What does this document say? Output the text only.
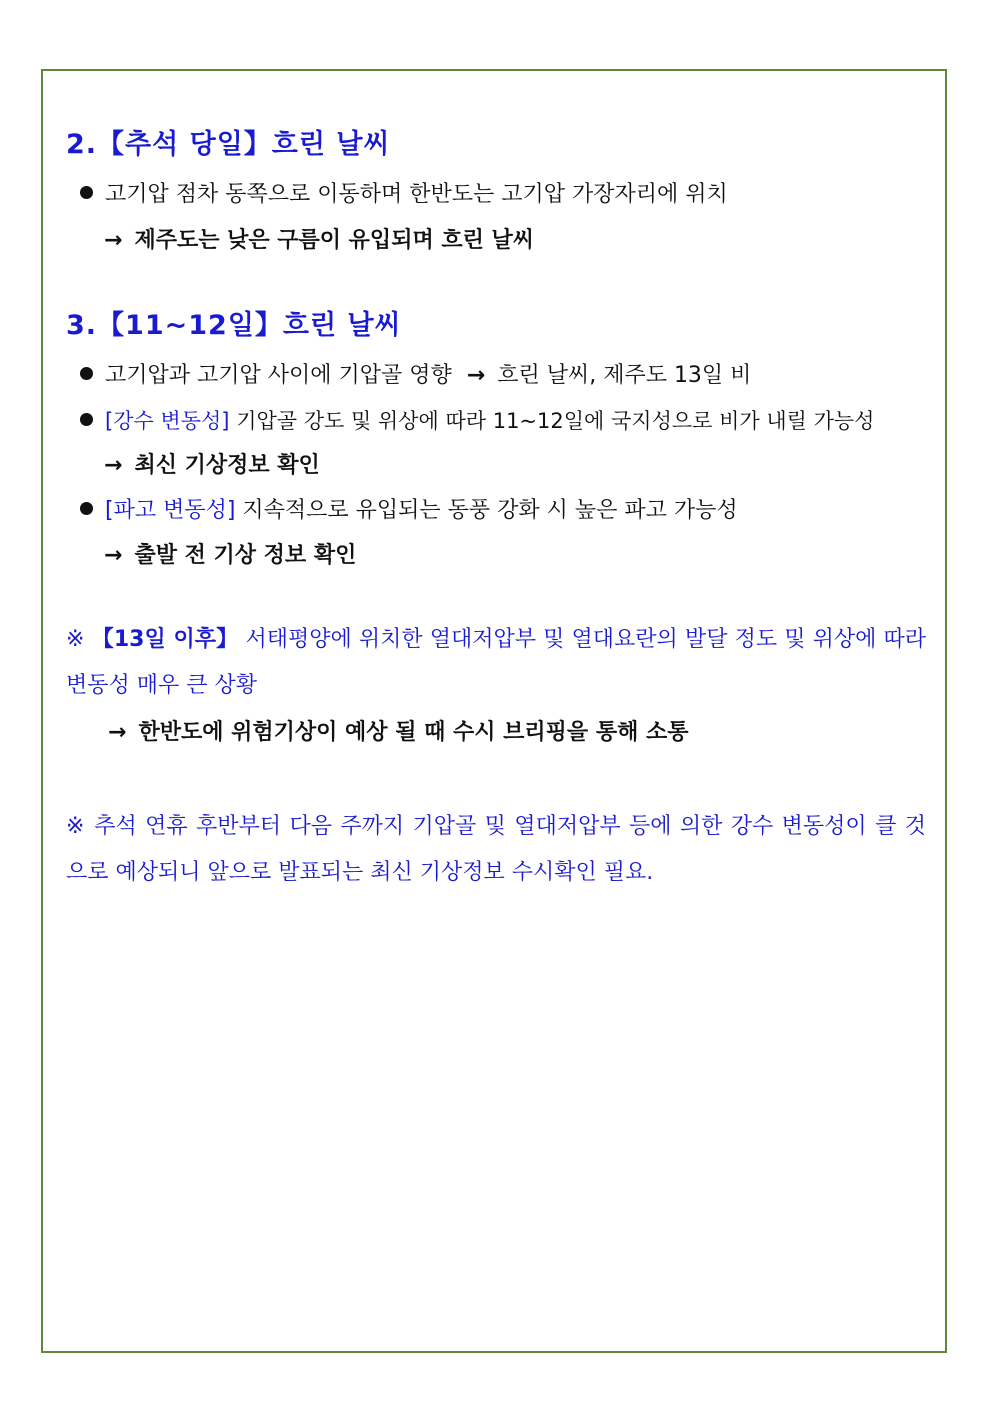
2.【추석 당일】흐린 날씨
고기압 점차 동쪽으로 이동하며 한반도는 고기압 가장자리에 위치
→ 제주도는 낮은 구름이 유입되며 흐린 날씨
3.【11~12일】흐린 날씨
고기압과 고기압 사이에 기압골 영향 → 흐린 날씨, 제주도 13일 비
[강수 변동성] 기압골 강도 및 위상에 따라 11~12일에 국지성으로 비가 내릴 가능성
→ 최신 기상정보 확인
[파고 변동성] 지속적으로 유입되는 동풍 강화 시 높은 파고 가능성
→ 출발 전 기상 정보 확인
※ 【13일 이후】 서태평양에 위치한 열대저압부 및 열대요란의 발달 정도 및 위상에 따라 변동성 매우 큰 상황
→ 한반도에 위험기상이 예상 될 때 수시 브리핑을 통해 소통
※ 추석 연휴 후반부터 다음 주까지 기압골 및 열대저압부 등에 의한 강수 변동성이 클 것으로 예상되니 앞으로 발표되는 최신 기상정보 수시확인 필요.
